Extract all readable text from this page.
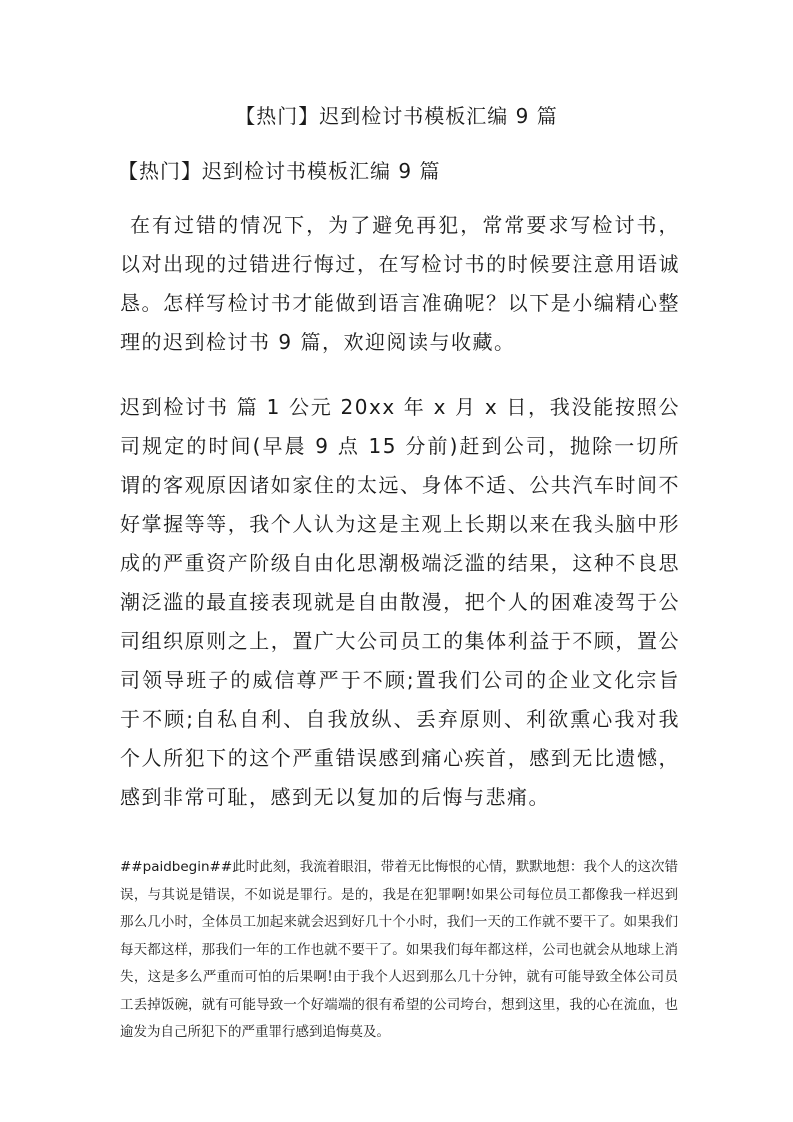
【热门】迟到检讨书模板汇编 9 篇
【热门】迟到检讨书模板汇编 9 篇

在有过错的情况下，为了避免再犯，常常要求写检讨书，以对出现的过错进行悔过，在写检讨书的时候要注意用语诚恳。怎样写检讨书才能做到语言准确呢？以下是小编精心整理的迟到检讨书 9 篇，欢迎阅读与收藏。

迟到检讨书 篇 1 公元 20xx 年 x 月 x 日，我没能按照公司规定的时间(早晨 9 点 15 分前)赶到公司，抛除一切所谓的客观原因诸如家住的太远、身体不适、公共汽车时间不好掌握等等，我个人认为这是主观上长期以来在我头脑中形成的严重资产阶级自由化思潮极端泛滥的结果，这种不良思潮泛滥的最直接表现就是自由散漫，把个人的困难凌驾于公司组织原则之上，置广大公司员工的集体利益于不顾，置公司领导班子的威信尊严于不顾;置我们公司的企业文化宗旨于不顾;自私自利、自我放纵、丢弃原则、利欲熏心我对我个人所犯下的这个严重错误感到痛心疾首，感到无比遗憾，感到非常可耻，感到无以复加的后悔与悲痛。

##paidbegin##此时此刻，我流着眼泪，带着无比悔恨的心情，默默地想：我个人的这次错误，与其说是错误，不如说是罪行。是的，我是在犯罪啊!如果公司每位员工都像我一样迟到那么几小时，全体员工加起来就会迟到好几十个小时，我们一天的工作就不要干了。如果我们每天都这样，那我们一年的工作也就不要干了。如果我们每年都这样，公司也就会从地球上消失，这是多么严重而可怕的后果啊!由于我个人迟到那么几十分钟，就有可能导致全体公司员工丢掉饭碗，就有可能导致一个好端端的很有希望的公司垮台，想到这里，我的心在流血，也逾发为自己所犯下的严重罪行感到追悔莫及。
